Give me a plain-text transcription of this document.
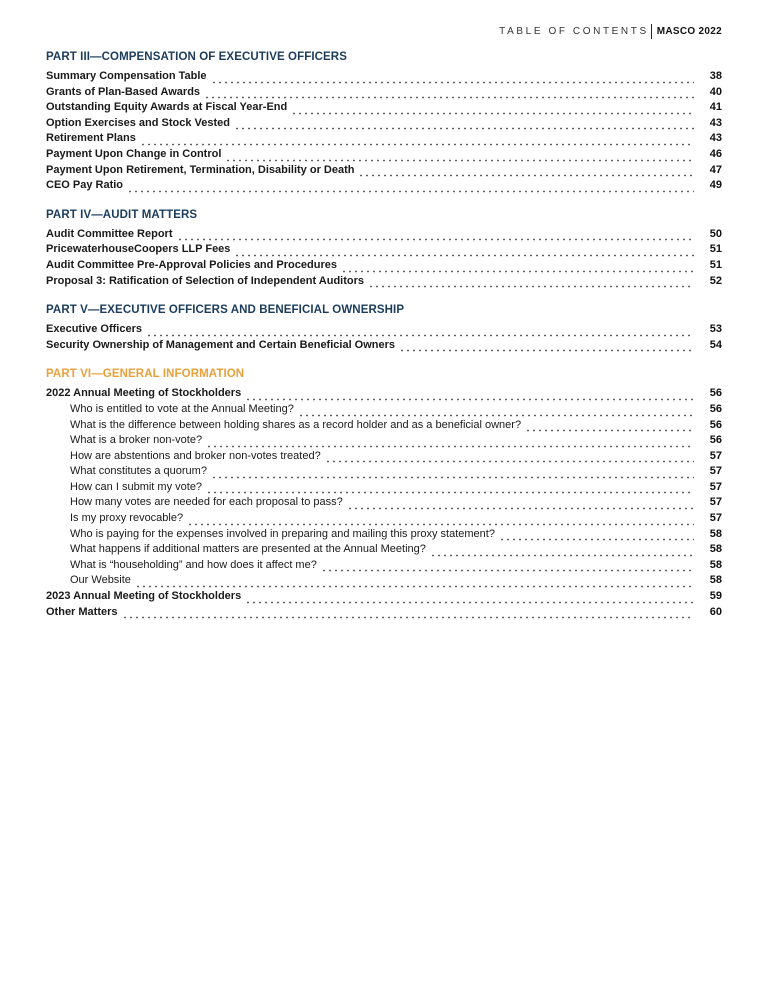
TABLE OF CONTENTS MASCO 2022
PART III—COMPENSATION OF EXECUTIVE OFFICERS
Summary Compensation Table	38
Grants of Plan-Based Awards	40
Outstanding Equity Awards at Fiscal Year-End	41
Option Exercises and Stock Vested	43
Retirement Plans	43
Payment Upon Change in Control	46
Payment Upon Retirement, Termination, Disability or Death	47
CEO Pay Ratio	49
PART IV—AUDIT MATTERS
Audit Committee Report	50
PricewaterhouseCoopers LLP Fees	51
Audit Committee Pre-Approval Policies and Procedures	51
Proposal 3: Ratification of Selection of Independent Auditors	52
PART V—EXECUTIVE OFFICERS AND BENEFICIAL OWNERSHIP
Executive Officers	53
Security Ownership of Management and Certain Beneficial Owners	54
PART VI—GENERAL INFORMATION
2022 Annual Meeting of Stockholders	56
Who is entitled to vote at the Annual Meeting?	56
What is the difference between holding shares as a record holder and as a beneficial owner?	56
What is a broker non-vote?	56
How are abstentions and broker non-votes treated?	57
What constitutes a quorum?	57
How can I submit my vote?	57
How many votes are needed for each proposal to pass?	57
Is my proxy revocable?	57
Who is paying for the expenses involved in preparing and mailing this proxy statement?	58
What happens if additional matters are presented at the Annual Meeting?	58
What is “householding” and how does it affect me?	58
Our Website	58
2023 Annual Meeting of Stockholders	59
Other Matters	60
